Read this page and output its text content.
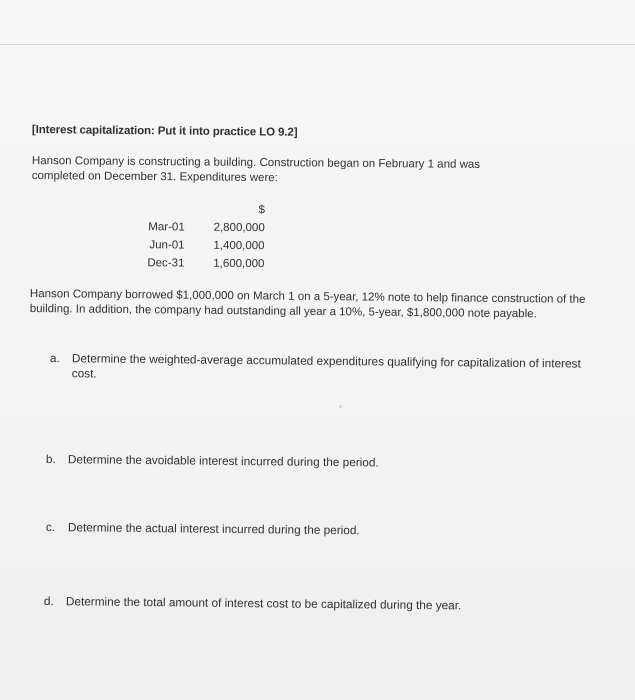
[Interest capitalization: Put it into practice LO 9.2]
Hanson Company is constructing a building. Construction began on February 1 and was completed on December 31. Expenditures were:
	$
Mar-01	2,800,000
Jun-01	1,400,000
Dec-31	1,600,000
Hanson Company borrowed $1,000,000 on March 1 on a 5-year, 12% note to help finance construction of the building. In addition, the company had outstanding all year a 10%, 5-year, $1,800,000 note payable.
a.	Determine the weighted-average accumulated expenditures qualifying for capitalization of interest cost.
b.	Determine the avoidable interest incurred during the period.
c.	Determine the actual interest incurred during the period.
d.	Determine the total amount of interest cost to be capitalized during the year.
